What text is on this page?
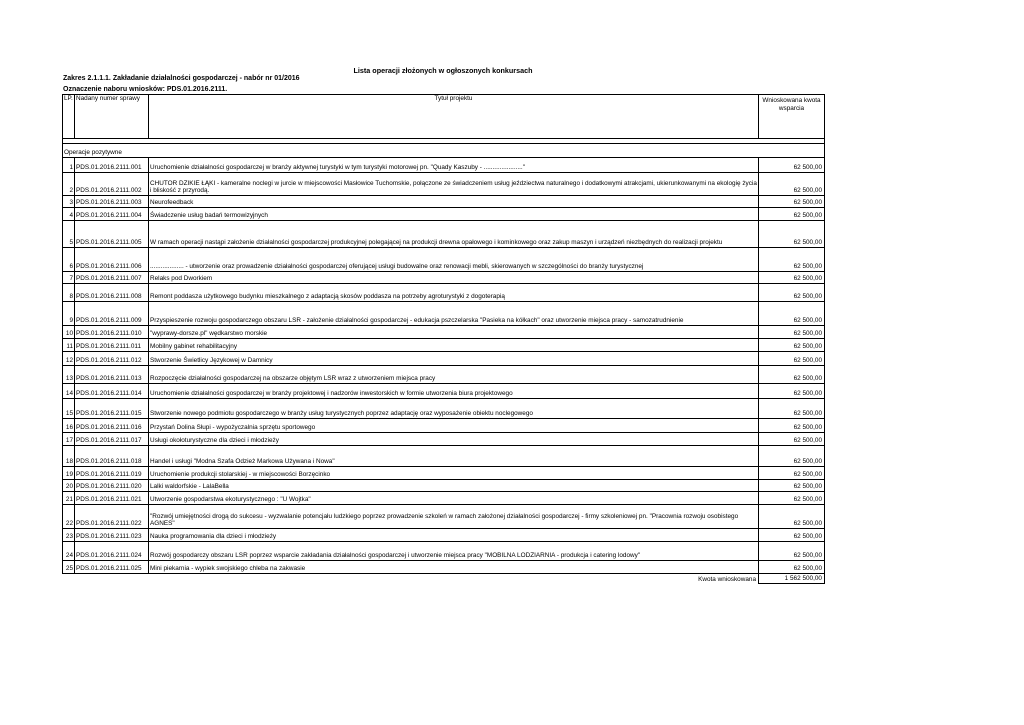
Lista operacji złożonych w ogłoszonych konkursach
Zakres 2.1.1.1. Zakładanie działalności gospodarczej - nabór nr 01/2016
Oznaczenie naboru wniosków: PDS.01.2016.2111.
LP.	Nadany numer sprawy	Tytuł projektu	Wnioskowana kwota wsparcia

Operacje pozytywne			
1	PDS.01.2016.2111.001	Uruchomienie działalności gospodarczej w branży aktywnej turystyki w tym turystyki motorowej pn. "Quady Kaszuby - ......................"	62 500,00
2	PDS.01.2016.2111.002	CHUTOR DZIKIE ŁĄKI - kameralne noclegi w jurcie w miejscowości Masłowice Tuchomskie, połączone ze świadczeniem usług jeździectwa naturalnego i dodatkowymi atrakcjami, ukierunkowanymi na ekologię życia i bliskość z przyrodą.	62 500,00
3	PDS.01.2016.2111.003	Neurofeedback	62 500,00
4	PDS.01.2016.2111.004	Świadczenie usług badań termowizyjnych	62 500,00
5	PDS.01.2016.2111.005	W ramach operacji nastąpi założenie działalności gospodarczej produkcyjnej polegającej na produkcji drewna opałowego i kominkowego oraz zakup maszyn i urządzeń niezbędnych do realizacji projektu	62 500,00
6	PDS.01.2016.2111.006	................... - utworzenie oraz prowadzenie działalności gospodarczej oferującej usługi budowalne oraz renowacji mebli, skierowanych w szczególności do branży turystycznej	62 500,00
7	PDS.01.2016.2111.007	Relaks pod Dworkiem	62 500,00
8	PDS.01.2016.2111.008	Remont poddasza użytkowego budynku mieszkalnego z adaptacją skosów poddasza na potrzeby agroturystyki z dogoterapią	62 500,00
9	PDS.01.2016.2111.009	Przyspieszenie rozwoju gospodarczego obszaru LSR - założenie działalności gospodarczej - edukacja pszczelarska "Pasieka na kółkach" oraz utworzenie miejsca pracy - samozatrudnienie	62 500,00
10	PDS.01.2016.2111.010	"wyprawy-dorsze.pl" wędkarstwo morskie	62 500,00
11	PDS.01.2016.2111.011	Mobilny gabinet rehabilitacyjny	62 500,00
12	PDS.01.2016.2111.012	Stworzenie Świetlicy Językowej w Damnicy	62 500,00
13	PDS.01.2016.2111.013	Rozpoczęcie działalności gospodarczej na obszarze objętym LSR wraz z utworzeniem miejsca pracy	62 500,00
14	PDS.01.2016.2111.014	Uruchomienie działalności gospodarczej w branży projektowej i nadzorów inwestorskich w formie utworzenia biura projektowego	62 500,00
15	PDS.01.2016.2111.015	Stworzenie nowego podmiotu gospodarczego w branży usług turystycznych poprzez adaptację oraz wyposażenie obiektu noclegowego	62 500,00
16	PDS.01.2016.2111.016	Przystań Dolina Słupi - wypożyczalnia sprzętu sportowego	62 500,00
17	PDS.01.2016.2111.017	Usługi okołoturystyczne dla dzieci i młodzieży	62 500,00
18	PDS.01.2016.2111.018	Handel i usługi "Modna Szafa Odzież Markowa Używana i Nowa"	62 500,00
19	PDS.01.2016.2111.019	Uruchomienie produkcji stolarskiej - w miejscowości Borzęcinko	62 500,00
20	PDS.01.2016.2111.020	Lalki waldorfskie - LalaBella	62 500,00
21	PDS.01.2016.2111.021	Utworzenie gospodarstwa ekoturystycznego : "U Wojtka"	62 500,00
22	PDS.01.2016.2111.022	"Rozwój umiejętności drogą do sukcesu - wyzwalanie potencjału ludzkiego poprzez prowadzenie szkoleń w ramach założonej działalności gospodarczej - firmy szkoleniowej pn. "Pracownia rozwoju osobistego AGNES"	62 500,00
23	PDS.01.2016.2111.023	Nauka programowania dla dzieci i młodzieży	62 500,00
24	PDS.01.2016.2111.024	Rozwój gospodarczy obszaru LSR poprzez wsparcie zakładania działalności gospodarczej i utworzenie miejsca pracy "MOBILNA LODZIARNIA - produkcja i catering lodowy"	62 500,00
25	PDS.01.2016.2111.025	Mini piekarnia - wypiek swojskiego chleba na zakwasie	62 500,00
		Kwota wnioskowana	1 562 500,00
